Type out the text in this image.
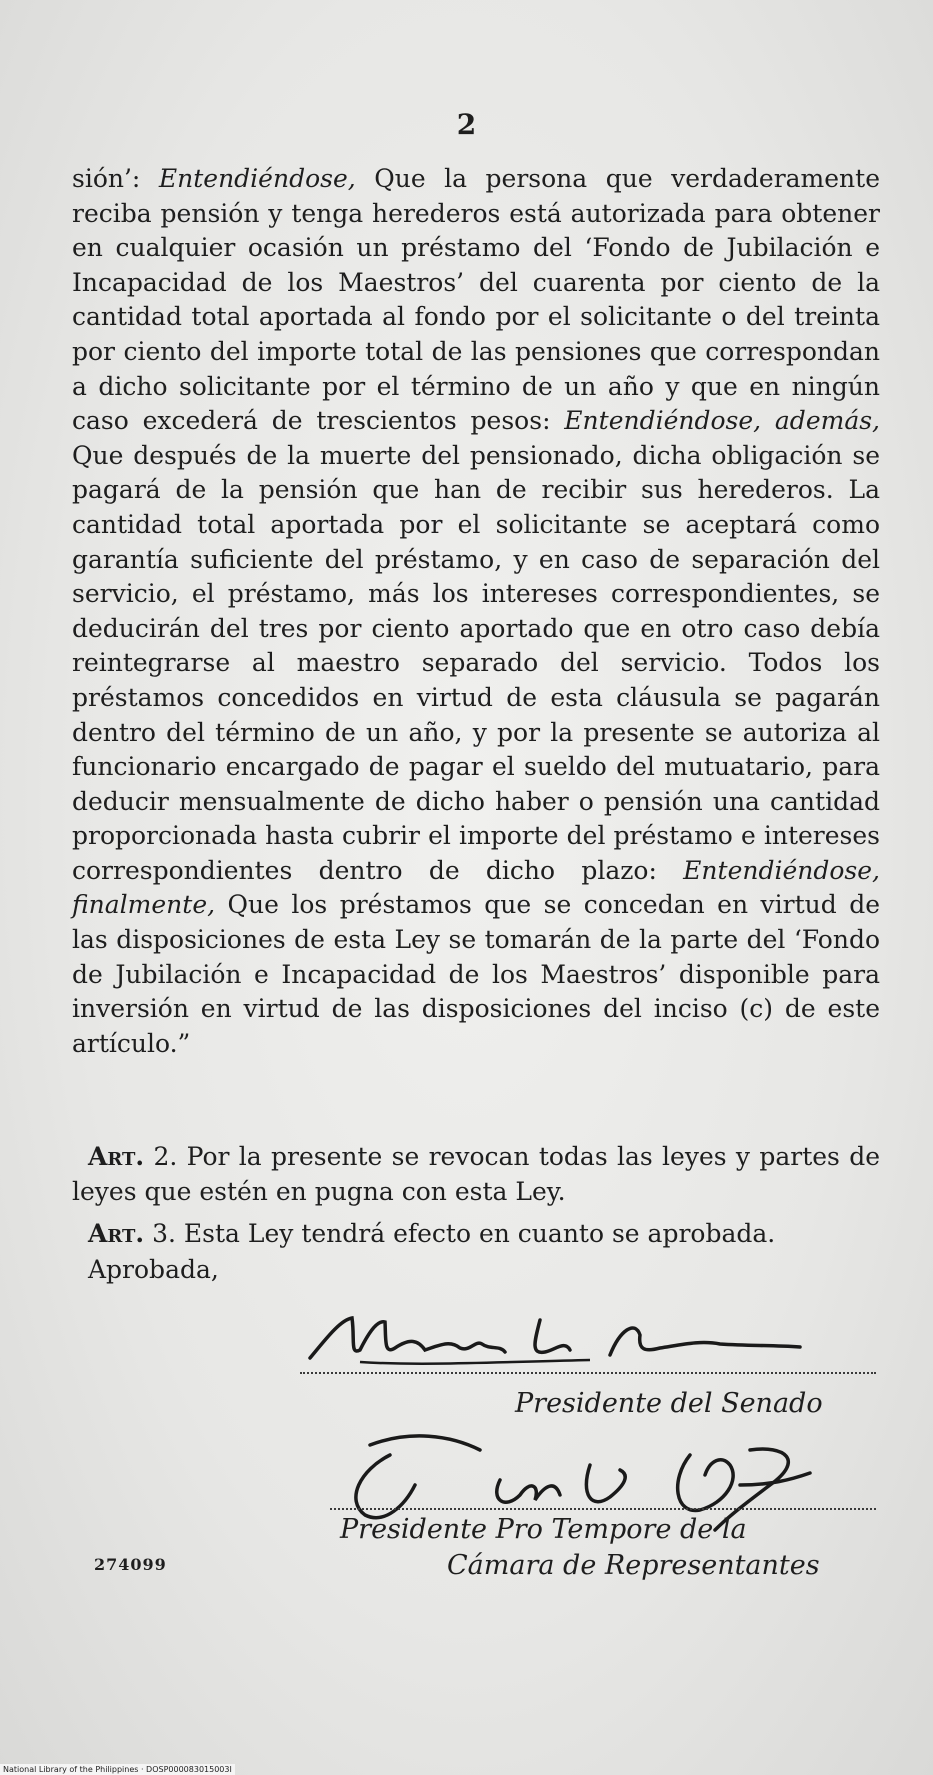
2

sión’: Entendiéndose, Que la persona que verdaderamente reciba pensión y tenga herederos está autorizada para obtener en cualquier ocasión un préstamo del ‘Fondo de Jubilación e Incapacidad de los Maestros’ del cuarenta por ciento de la cantidad total aportada al fondo por el solicitante o del treinta por ciento del importe total de las pensiones que correspondan a dicho solicitante por el término de un año y que en ningún caso excederá de trescientos pesos: Entendiéndose, además, Que después de la muerte del pensionado, dicha obligación se pagará de la pensión que han de recibir sus herederos. La cantidad total aportada por el solicitante se aceptará como garantía suficiente del préstamo, y en caso de separación del servicio, el préstamo, más los intereses correspondientes, se deducirán del tres por ciento aportado que en otro caso debía reintegrarse al maestro separado del servicio. Todos los préstamos concedidos en virtud de esta cláusula se pagarán dentro del término de un año, y por la presente se autoriza al funcionario encargado de pagar el sueldo del mutuatario, para deducir mensualmente de dicho haber o pensión una cantidad proporcionada hasta cubrir el importe del préstamo e intereses correspondientes dentro de dicho plazo: Entendiéndose, finalmente, Que los préstamos que se concedan en virtud de las disposiciones de esta Ley se tomarán de la parte del ‘Fondo de Jubilación e Incapacidad de los Maestros’ disponible para inversión en virtud de las disposiciones del inciso (c) de este artículo.”

Art. 2. Por la presente se revocan todas las leyes y partes de leyes que estén en pugna con esta Ley.

Art. 3. Esta Ley tendrá efecto en cuanto se aprobada.

Aprobada,

Presidente del Senado
Presidente Pro Tempore de la
Cámara de Representantes
274099
National Library of the Philippines · DOSP000083015003I
